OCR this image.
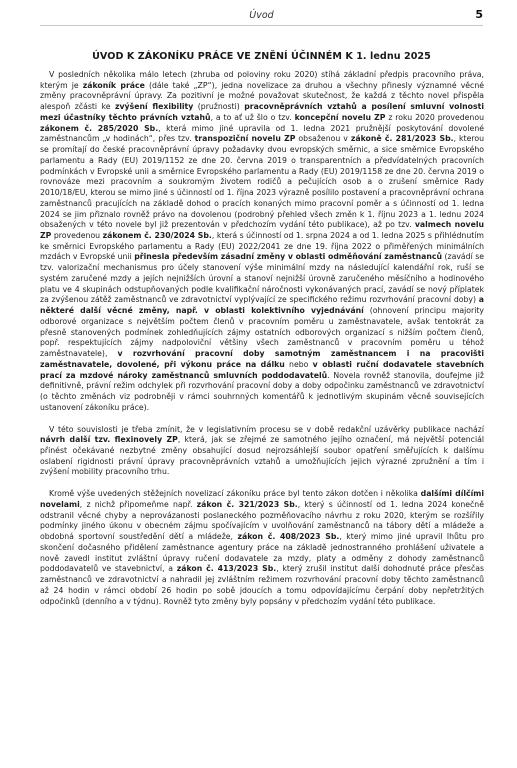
Úvod	5
ÚVOD K ZÁKONÍKU PRÁCE VE ZNĚNÍ ÚČINNÉM K 1. lednu 2025

V posledních několika málo letech (zhruba od poloviny roku 2020) stíhá základní předpis pracovního práva, kterým je zákoník práce (dále také „ZP“), jedna novelizace za druhou a všechny přinesly významné věcné změny pracovněprávní úpravy. Za pozitivní je možné považovat skutečnost, že každá z těchto novel přispěla alespoň zčásti ke zvýšení flexibility (pružnosti) pracovněprávních vztahů a posílení smluvní volnosti mezi účastníky těchto právních vztahů, a to ať už šlo o tzv. koncepční novelu ZP z roku 2020 provedenou zákonem č. 285/2020 Sb., která mimo jiné upravila od 1. ledna 2021 pružnější poskytování dovolené zaměstnancům „v hodinách“, přes tzv. transpoziční novelu ZP obsaženou v zákoně č. 281/2023 Sb., kterou se promítají do české pracovněprávní úpravy požadavky dvou evropských směrnic, a sice směrnice Evropského parlamentu a Rady (EU) 2019/1152 ze dne 20. června 2019 o transparentních a předvídatelných pracovních podmínkách v Evropské unii a směrnice Evropského parlamentu a Rady (EU) 2019/1158 ze dne 20. června 2019 o rovnováze mezi pracovním a soukromým životem rodičů a pečujících osob a o zrušení směrnice Rady 2010/18/EU, kterou se mimo jiné s účinností od 1. října 2023 výrazně posílilo postavení a pracovněprávní ochrana zaměstnanců pracujících na základě dohod o pracích konaných mimo pracovní poměr a s účinností od 1. ledna 2024 se jim přiznalo rovněž právo na dovolenou (podrobný přehled všech změn k 1. říjnu 2023 a 1. lednu 2024 obsažených v této novele byl již prezentován v předchozím vydání této publikace), až po tzv. valmech novelu ZP provedenou zákonem č. 230/2024 Sb., která s účinností od 1. srpna 2024 a od 1. ledna 2025 s přihlédnutím ke směrnici Evropského parlamentu a Rady (EU) 2022/2041 ze dne 19. října 2022 o přiměřených minimálních mzdách v Evropské unii přinesla především zásadní změny v oblasti odměňování zaměstnanců (zavádí se tzv. valorizační mechanismus pro účely stanovení výše minimální mzdy na následující kalendářní rok, ruší se systém zaručené mzdy a jejích nejnižších úrovní a stanoví nejnižší úrovně zaručeného měsíčního a hodinového platu ve 4 skupinách odstupňovaných podle kvalifikační náročnosti vykonávaných prací, zavádí se nový příplatek za zvýšenou zátěž zaměstnanců ve zdravotnictví vyplývající ze specifického režimu rozvrhování pracovní doby) a některé další věcné změny, např. v oblasti kolektivního vyjednávání (ohnovení principu majority odborové organizace s největším počtem členů v pracovním poměru u zaměstnavatele, avšak tentokrát za přesně stanovených podmínek zohledňujících zájmy ostatních odborových organizací s nižším počtem členů, popř. respektujících zájmy nadpoloviční většiny všech zaměstnanců v pracovním poměru u téhož zaměstnavatele), v rozvrhování pracovní doby samotným zaměstnancem i na pracovišti zaměstnavatele, dovolené, při výkonu práce na dálku nebo v oblasti ruční dodavatele stavebních prací za mzdové nároky zaměstnanců smluvních poddodavatelů. Novela rovněž stanovila, doufejme již definitivně, právní režim odchylek při rozvrhování pracovní doby a doby odpočinku zaměstnanců ve zdravotnictví (o těchto změnách viz podrobněji v rámci souhrnných komentářů k jednotlivým skupinám věcně souvisejících ustanovení zákoníku práce).

V této souvislosti je třeba zmínit, že v legislativním procesu se v době redakční uzávěrky publikace nachází návrh další tzv. flexinovely ZP, která, jak se zřejmé ze samotného jejího označení, má největší potenciál přinést očekávané nezbytné změny obsahující dosud nejrozsáhlejší soubor opatření směřujících k dalšímu oslabení rigidnosti právní úpravy pracovněprávních vztahů a umožňujících jejich výrazné zpružnění a tím i zvýšení mobility pracovního trhu.

Kromě výše uvedených stěžejních novelizací zákoníku práce byl tento zákon dotčen i několika dalšími dílčími novelami, z nichž připomeňme např. zákon č. 321/2023 Sb., který s účinností od 1. ledna 2024 konečně odstranil věcné chyby a neprovázanosti poslaneckého pozměňovacího návrhu z roku 2020, kterým se rozšířily podmínky jiného úkonu v obecném zájmu spočívajícím v uvolňování zaměstnanců na tábory dětí a mládeže a obdobná sportovní soustředění dětí a mládeže, zákon č. 408/2023 Sb., který mimo jiné upravil lhůtu pro skončení dočasného přidělení zaměstnance agentury práce na základě jednostranného prohlášení uživatele a nově zavedl institut zvláštní úpravy ručení dodavatele za mzdy, platy a odměny z dohody zaměstnanců poddodavatelů ve stavebnictví, a zákon č. 413/2023 Sb., který zrušil institut další dohodnuté práce přesčas zaměstnanců ve zdravotnictví a nahradil jej zvláštním režimem rozvrhování pracovní doby těchto zaměstnanců až 24 hodin v rámci období 26 hodin po sobě jdoucích a tomu odpovídajícímu čerpání doby nepřetržitých odpočinků (denního a v týdnu). Rovněž tyto změny byly popsány v předchozím vydání této publikace.
